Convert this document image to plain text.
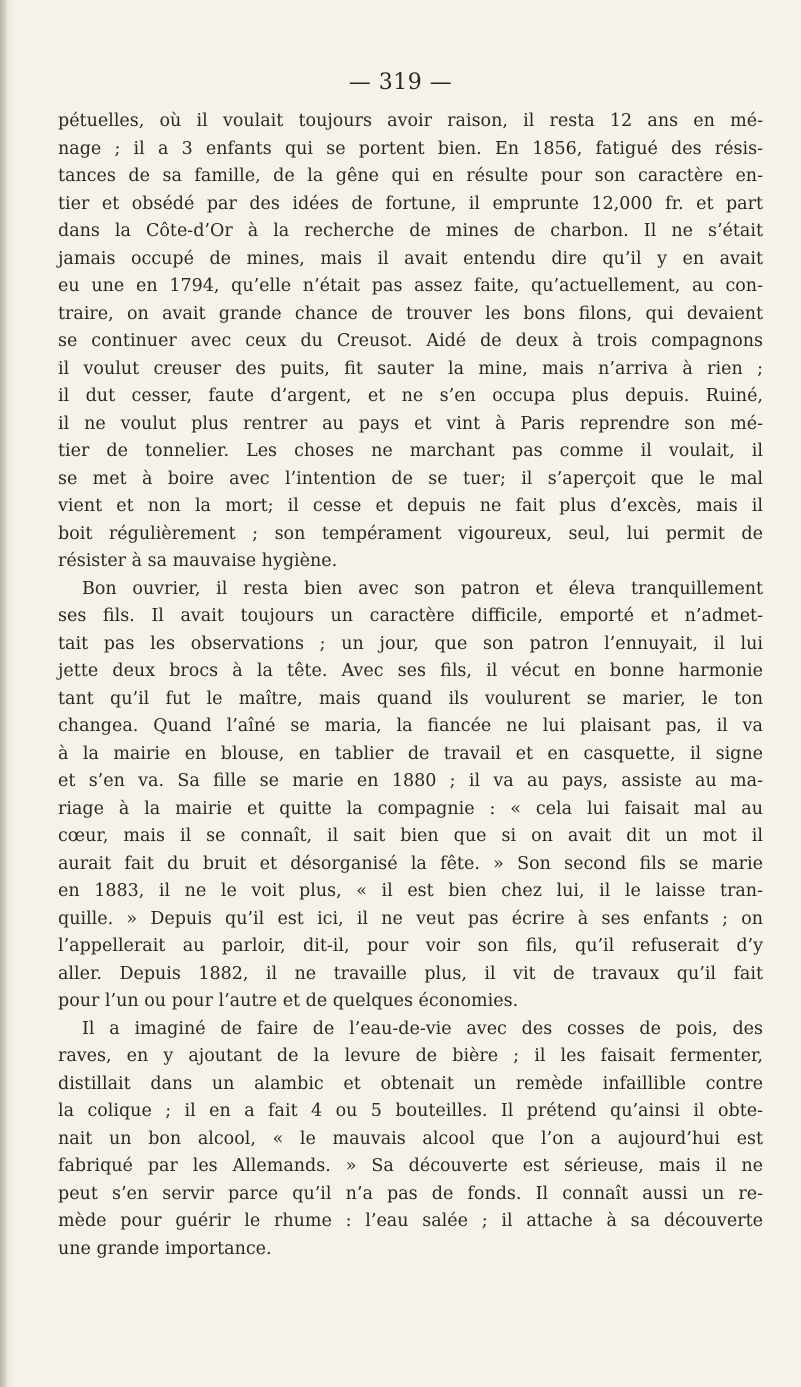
— 319 —
pétuelles, où il voulait toujours avoir raison, il resta 12 ans en mé-
nage ; il a 3 enfants qui se portent bien. En 1856, fatigué des résis-
tances de sa famille, de la gêne qui en résulte pour son caractère en-
tier et obsédé par des idées de fortune, il emprunte 12,000 fr. et part
dans la Côte-d’Or à la recherche de mines de charbon. Il ne s’était
jamais occupé de mines, mais il avait entendu dire qu’il y en avait
eu une en 1794, qu’elle n’était pas assez faite, qu’actuellement, au con-
traire, on avait grande chance de trouver les bons filons, qui devaient
se continuer avec ceux du Creusot. Aidé de deux à trois compagnons
il voulut creuser des puits, fit sauter la mine, mais n’arriva à rien ;
il dut cesser, faute d’argent, et ne s’en occupa plus depuis. Ruiné,
il ne voulut plus rentrer au pays et vint à Paris reprendre son mé-
tier de tonnelier. Les choses ne marchant pas comme il voulait, il
se met à boire avec l’intention de se tuer; il s’aperçoit que le mal
vient et non la mort; il cesse et depuis ne fait plus d’excès, mais il
boit régulièrement ; son tempérament vigoureux, seul, lui permit de
résister à sa mauvaise hygiène.
Bon ouvrier, il resta bien avec son patron et éleva tranquillement
ses fils. Il avait toujours un caractère difficile, emporté et n’admet-
tait pas les observations ; un jour, que son patron l’ennuyait, il lui
jette deux brocs à la tête. Avec ses fils, il vécut en bonne harmonie
tant qu’il fut le maître, mais quand ils voulurent se marier, le ton
changea. Quand l’aîné se maria, la fiancée ne lui plaisant pas, il va
à la mairie en blouse, en tablier de travail et en casquette, il signe
et s’en va. Sa fille se marie en 1880 ; il va au pays, assiste au ma-
riage à la mairie et quitte la compagnie : « cela lui faisait mal au
cœur, mais il se connaît, il sait bien que si on avait dit un mot il
aurait fait du bruit et désorganisé la fête. » Son second fils se marie
en 1883, il ne le voit plus, « il est bien chez lui, il le laisse tran-
quille. » Depuis qu’il est ici, il ne veut pas écrire à ses enfants ; on
l’appellerait au parloir, dit-il, pour voir son fils, qu’il refuserait d’y
aller. Depuis 1882, il ne travaille plus, il vit de travaux qu’il fait
pour l’un ou pour l’autre et de quelques économies.
Il a imaginé de faire de l’eau-de-vie avec des cosses de pois, des
raves, en y ajoutant de la levure de bière ; il les faisait fermenter,
distillait dans un alambic et obtenait un remède infaillible contre
la colique ; il en a fait 4 ou 5 bouteilles. Il prétend qu’ainsi il obte-
nait un bon alcool, « le mauvais alcool que l’on a aujourd’hui est
fabriqué par les Allemands. » Sa découverte est sérieuse, mais il ne
peut s’en servir parce qu’il n’a pas de fonds. Il connaît aussi un re-
mède pour guérir le rhume : l’eau salée ; il attache à sa découverte
une grande importance.
